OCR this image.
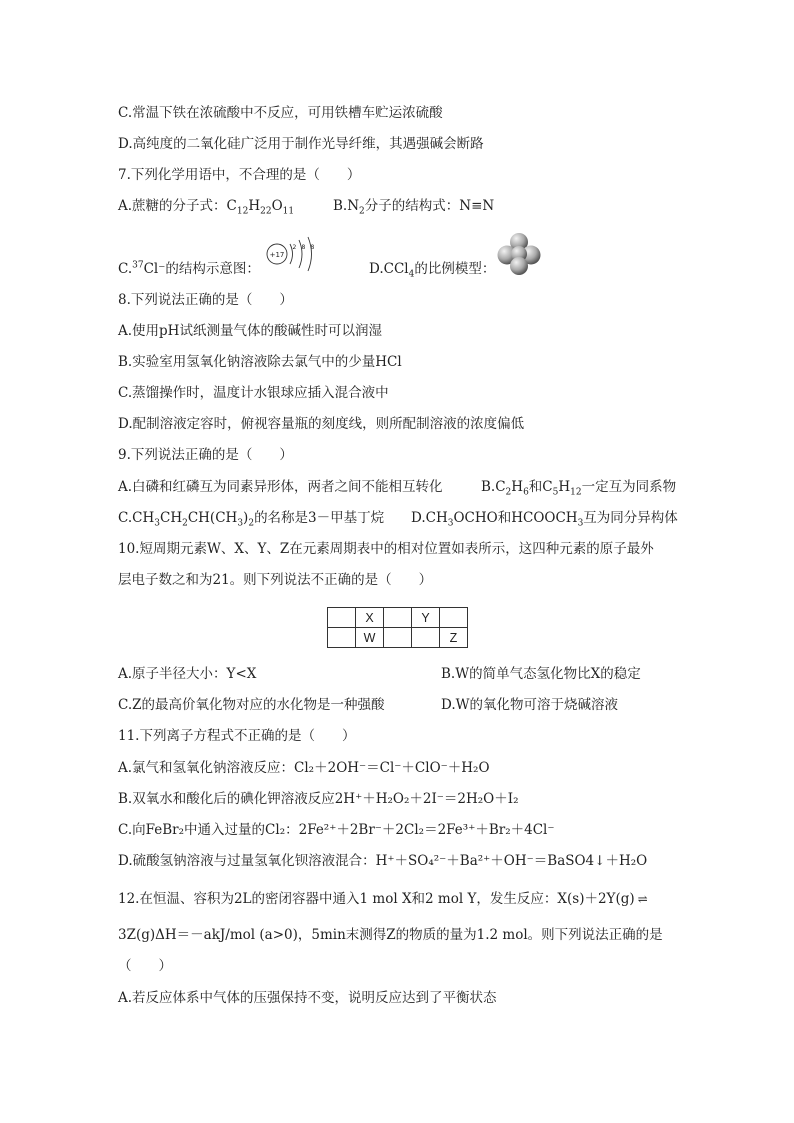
C.常温下铁在浓硫酸中不反应，可用铁槽车贮运浓硫酸
D.高纯度的二氧化硅广泛用于制作光导纤维，其遇强碱会断路
7.下列化学用语中，不合理的是（　　）
A.蔗糖的分子式：$C_{12}H_{22}O_{11}$	$B.N_2$分子的结构式：N≡N
C.$^{37}$Cl⁻的结构示意图：
+17
2 8 8
D.CCl$_4$的比例模型：
8.下列说法正确的是（　　）
A.使用pH试纸测量气体的酸碱性时可以润湿
B.实验室用氢氧化钠溶液除去氯气中的少量HCl
C.蒸馏操作时，温度计水银球应插入混合液中
D.配制溶液定容时，俯视容量瓶的刻度线，则所配制溶液的浓度偏低
9.下列说法正确的是（　　）
A.白磷和红磷互为同素异形体，两者之间不能相互转化	$B.C_2H_6$和$C_5H_{12}$一定互为同系物
$C.CH_3CH_2CH(CH_3)_2$的名称是3－甲基丁烷 $D.CH_3OCHO$和$HCOOCH_3$互为同分异构体
10.短周期元素W、X、Y、Z在元素周期表中的相对位置如表所示，这四种元素的原子最外
层电子数之和为21。则下列说法不正确的是（　　）
	X		Y	
	W			Z
A.原子半径大小：Y<X	B.W的简单气态氢化物比X的稳定
C.Z的最高价氧化物对应的水化物是一种强酸	D.W的氧化物可溶于烧碱溶液
11.下列离子方程式不正确的是（　　）
A.氯气和氢氧化钠溶液反应：Cl₂＋2OH⁻＝Cl⁻＋ClO⁻＋H₂O
B.双氧水和酸化后的碘化钾溶液反应2H⁺＋H₂O₂＋2I⁻＝2H₂O＋I₂
C.向FeBr₂中通入过量的Cl₂：2Fe²⁺＋2Br⁻＋2Cl₂＝2Fe³⁺＋Br₂＋4Cl⁻
D.硫酸氢钠溶液与过量氢氧化钡溶液混合：H⁺＋SO₄²⁻＋Ba²⁺＋OH⁻＝BaSO4↓＋H₂O
12.在恒温、容积为2L的密闭容器中通入1 mol X和2 mol Y，发生反应：X(s)＋2Y(g) ⇌
3Z(g)ΔH＝－akJ/mol (a>0)，5min末测得Z的物质的量为1.2 mol。则下列说法正确的是
（　　）
A.若反应体系中气体的压强保持不变，说明反应达到了平衡状态
